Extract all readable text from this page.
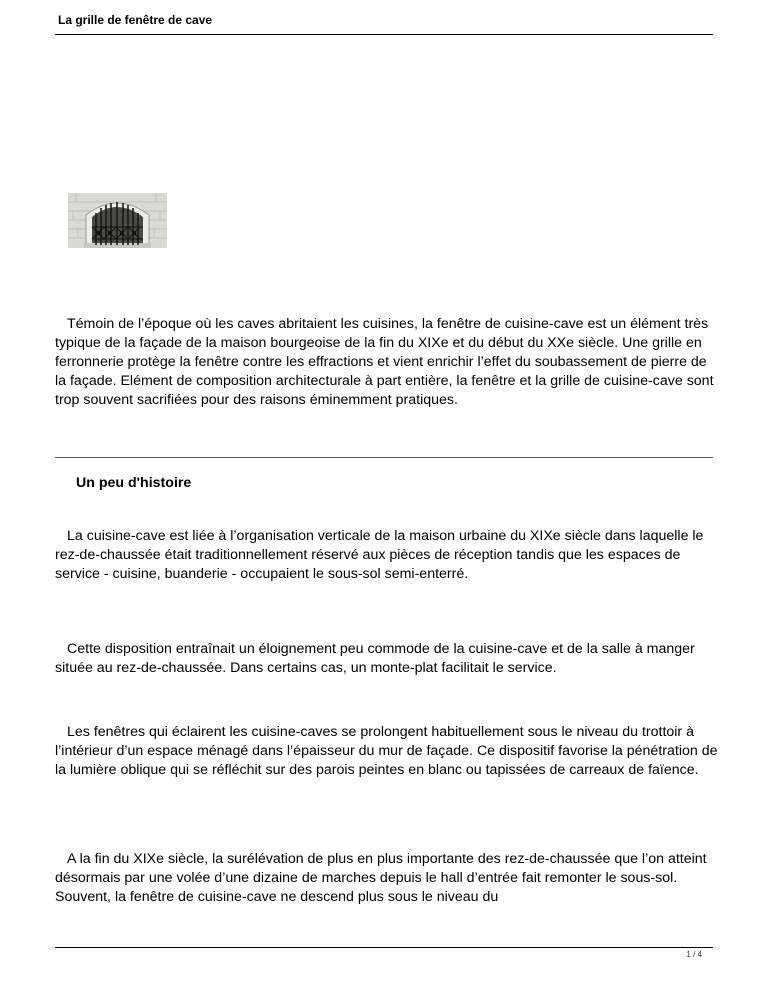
La grille de fenêtre de cave

Témoin de l’époque où les caves abritaient les cuisines, la fenêtre de cuisine-cave est un élément très typique de la façade de la maison bourgeoise de la fin du XIXe et du début du XXe siècle. Une grille en ferronnerie protège la fenêtre contre les effractions et vient enrichir l’effet du soubassement de pierre de la façade. Elément de composition architecturale à part entière, la fenêtre et la grille de cuisine-cave sont trop souvent sacrifiées pour des raisons éminemment pratiques.

Un peu d'histoire

La cuisine-cave est liée à l’organisation verticale de la maison urbaine du XIXe siècle dans laquelle le rez-de-chaussée était traditionnellement réservé aux pièces de réception tandis que les espaces de service - cuisine, buanderie - occupaient le sous-sol semi-enterré.

Cette disposition entraînait un éloignement peu commode de la cuisine-cave et de la salle à manger située au rez-de-chaussée. Dans certains cas, un monte-plat facilitait le service.

Les fenêtres qui éclairent les cuisine-caves se prolongent habituellement sous le niveau du trottoir à l’intérieur d’un espace ménagé dans l’épaisseur du mur de façade. Ce dispositif favorise la pénétration de la lumière oblique qui se réfléchit sur des parois peintes en blanc ou tapissées de carreaux de faïence.

A la fin du XIXe siècle, la surélévation de plus en plus importante des rez-de-chaussée que l’on atteint désormais par une volée d’une dizaine de marches depuis le hall d’entrée fait remonter le sous-sol. Souvent, la fenêtre de cuisine-cave ne descend plus sous le niveau du

1 / 4
